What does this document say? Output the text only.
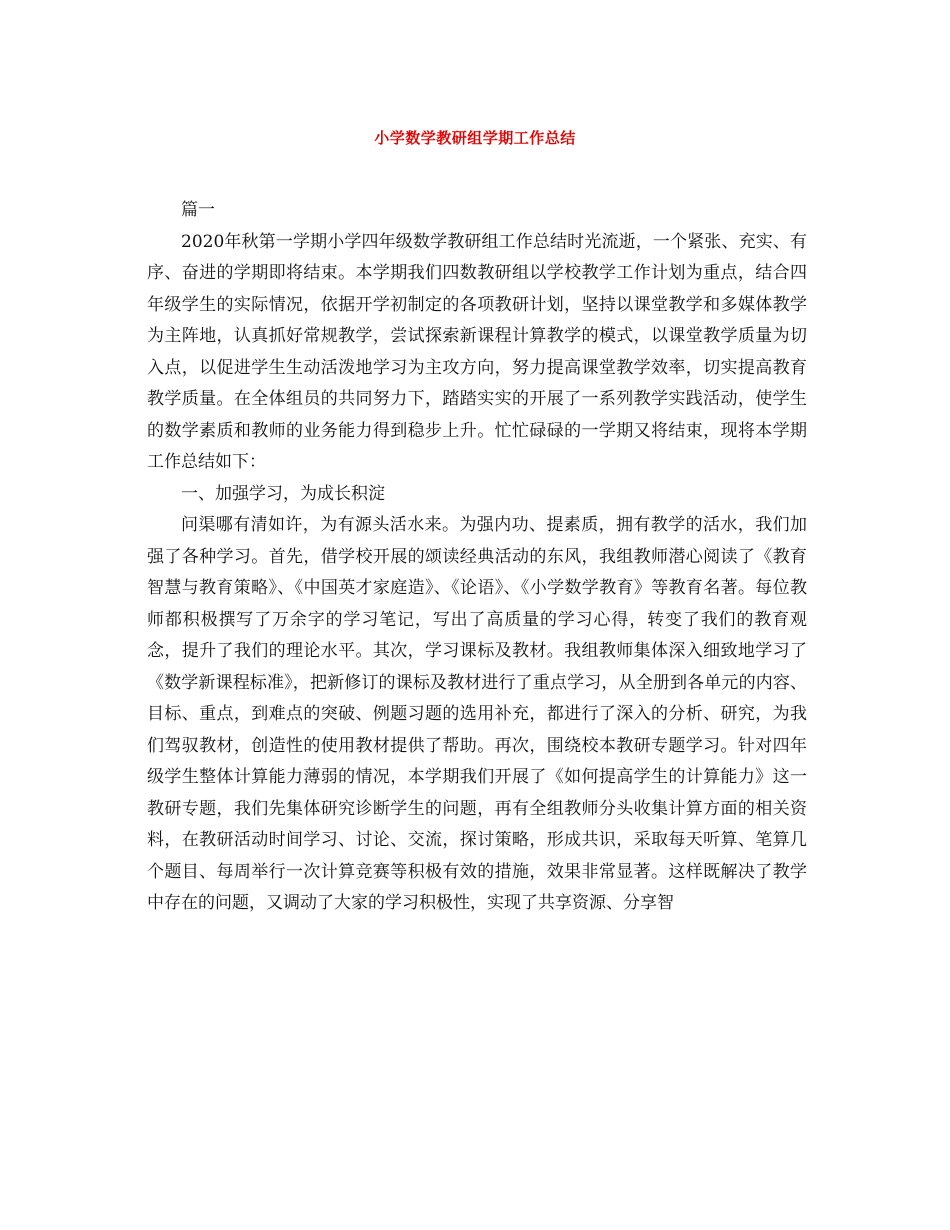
小学数学教研组学期工作总结

篇一

2020年秋第一学期小学四年级数学教研组工作总结时光流逝，一个紧张、充实、有序、奋进的学期即将结束。本学期我们四数教研组以学校教学工作计划为重点，结合四年级学生的实际情况，依据开学初制定的各项教研计划，坚持以课堂教学和多媒体教学为主阵地，认真抓好常规教学，尝试探索新课程计算教学的模式，以课堂教学质量为切入点，以促进学生生动活泼地学习为主攻方向，努力提高课堂教学效率，切实提高教育教学质量。在全体组员的共同努力下，踏踏实实的开展了一系列教学实践活动，使学生的数学素质和教师的业务能力得到稳步上升。忙忙碌碌的一学期又将结束，现将本学期工作总结如下：

一、加强学习，为成长积淀

问渠哪有清如许，为有源头活水来。为强内功、提素质，拥有教学的活水，我们加强了各种学习。首先，借学校开展的颂读经典活动的东风，我组教师潜心阅读了《教育智慧与教育策略》、《中国英才家庭造》、《论语》、《小学数学教育》等教育名著。每位教师都积极撰写了万余字的学习笔记，写出了高质量的学习心得，转变了我们的教育观念，提升了我们的理论水平。其次，学习课标及教材。我组教师集体深入细致地学习了《数学新课程标准》，把新修订的课标及教材进行了重点学习，从全册到各单元的内容、目标、重点，到难点的突破、例题习题的选用补充，都进行了深入的分析、研究，为我们驾驭教材，创造性的使用教材提供了帮助。再次，围绕校本教研专题学习。针对四年级学生整体计算能力薄弱的情况，本学期我们开展了《如何提高学生的计算能力》这一教研专题，我们先集体研究诊断学生的问题，再有全组教师分头收集计算方面的相关资料，在教研活动时间学习、讨论、交流，探讨策略，形成共识，采取每天听算、笔算几个题目、每周举行一次计算竞赛等积极有效的措施，效果非常显著。这样既解决了教学中存在的问题，又调动了大家的学习积极性，实现了共享资源、分享智
